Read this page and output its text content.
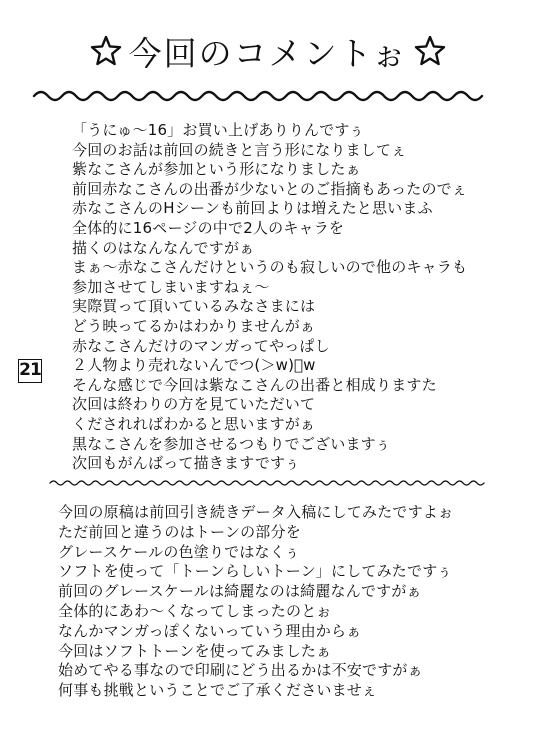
今回のコメントぉ
21
「うにゅ～16」お買い上げありりんですぅ
今回のお話は前回の続きと言う形になりましてぇ
紫なこさんが参加という形になりましたぁ
前回赤なこさんの出番が少ないとのご指摘もあったのでぇ
赤なこさんのHシーンも前回よりは増えたと思いまふ
全体的に16ページの中で2人のキャラを
描くのはなんなんですがぁ
まぁ～赤なこさんだけというのも寂しいので他のキャラも
参加させてしまいますねぇ～
実際買って頂いているみなさまには
どう映ってるかはわかりませんがぁ
赤なこさんだけのマンガってやっぱし
２人物より売れないんでつ(＞w)ﾟw
そんな感じで今回は紫なこさんの出番と相成りますた
次回は終わりの方を見ていただいて
くだされればわかると思いますがぁ
黒なこさんを参加させるつもりでございますぅ
次回もがんばって描きますですぅ
今回の原稿は前回引き続きデータ入稿にしてみたですよぉ
ただ前回と違うのはトーンの部分を
グレースケールの色塗りではなくぅ
ソフトを使って「トーンらしいトーン」にしてみたですぅ
前回のグレースケールは綺麗なのは綺麗なんですがぁ
全体的にあわ～くなってしまったのとぉ
なんかマンガっぽくないっていう理由からぁ
今回はソフトトーンを使ってみましたぁ
始めてやる事なので印刷にどう出るかは不安ですがぁ
何事も挑戦ということでご了承くださいませぇ
